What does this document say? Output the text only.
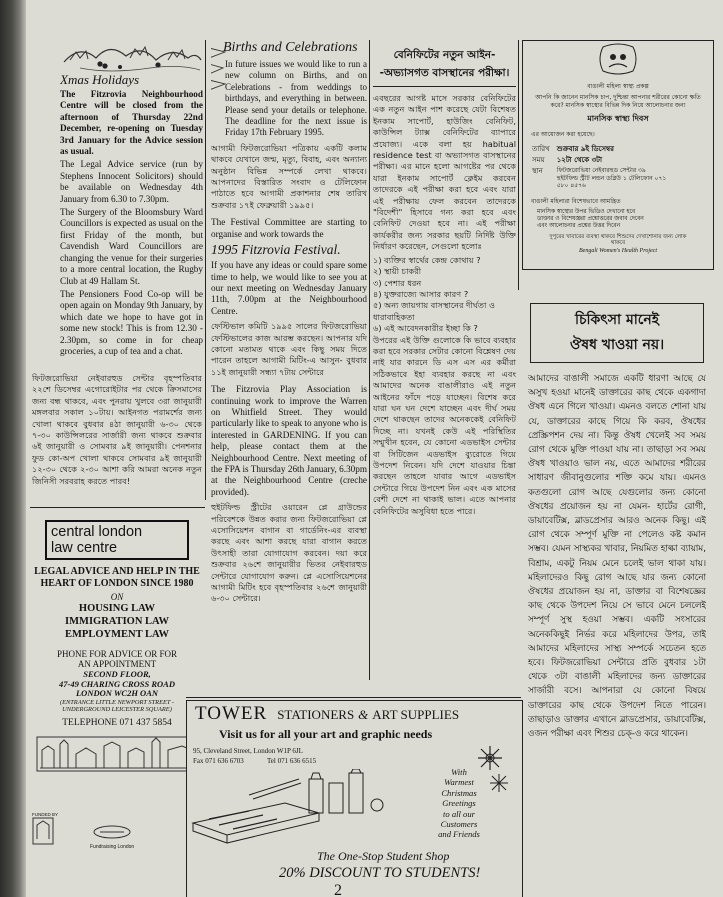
Xmas Holidays

The Fitzrovia Neighbourhood Centre will be closed from the afternoon of Thursday 22nd December, re-opening on Tuesday 3rd January for the Advice session as usual.

The Legal Advice service (run by Stephens Innocent Solicitors) should be available on Wednesday 4th January from 6.30 to 7.30pm.

The Surgery of the Bloomsbury Ward Councillors is expected as usual on the first Friday of the month, but Cavendish Ward Councillors are changing the venue for their surgeries to a more central location, the Rugby Club at 49 Hallam St.

The Pensioners Food Co-op will be open again on Monday 9th January, by which date we hope to have got in some new stock! This is from 12.30 - 2.30pm, so come in for cheap groceries, a cup of tea and a chat.

ফিটজরোভিয়া নেইবারহুড সেন্টার বৃহস্পতিবার ২২শে ডিসেম্বর এগোরোইটার পর থেকে ক্রিসমাসের জন্য বন্ধ থাকবে, এবং পুনরায় খুলবে ৩রা জানুয়ারী মঙ্গলবার সকাল ১০টায়। আইনগত পরামর্শের জন্য খোলা থাকবে বুধবার ৪ঠা জানুয়ারী ৬-৩০ থেকে ৭-৩০ কাউন্সিলরের সার্জারী জন্য থাকবে শুক্রবার ৬ই জানুয়ারী ও সোমবার ৯ই জানুয়ারী। পেনশনার ফুড কো-অপ খোলা থাকবে সোমবার ৯ই জানুয়ারী ১২-৩০ থেকে ২-৩০ আশা করি আমরা অনেক নতুন জিনিসী সরবরাহ করতে পারব!

central london
law centre
LEGAL ADVICE AND HELP IN THE HEART OF LONDON SINCE 1980
ON
HOUSING LAW
IMMIGRATION LAW
EMPLOYMENT LAW
PHONE FOR ADVICE OR FOR AN APPOINTMENT
SECOND FLOOR,
47-49 CHARING CROSS ROAD
LONDON WC2H OAN
(ENTRANCE LITTLE NEWPORT STREET - UNDERGROUND LEICESTER SQUARE)
TELEPHONE 071 437 5854
FUNDED BY
Fundraising London
Births and Celebrations

In future issues we would like to run a new column on Births, and on Celebrations - from weddings to birthdays, and everything in between. Please send your details or telephone. The deadline for the next issue is Friday 17th February 1995.

আগামী ফিটজরোভিয়া পত্রিকায় একটি কলাম থাকবে যেখানে জন্ম, মৃত্যু, বিবাহ, এবং অন্যান্য অনুষ্ঠান বিভিন্ন সম্পর্কে লেখা থাকবে। আপনাদের বিস্তারিত সংবাদ ও টেলিফোন পাঠাতে হবে আগামী প্রকাশনার শেষ তারিখ শুক্রবার ১৭ই ফেব্রুয়ারী ১৯৯৫।

The Festival Committee are starting to organise and work towards the

1995 Fitzrovia Festival.

If you have any ideas or could spare some time to help, we would like to see you at our next meeting on Wednesday January 11th, 7.00pm at the Neighbourhood Centre.

ফেস্টিভাল কমিটি ১৯৯৫ সালের ফিটজরোভিয়া ফেস্টিভালের কাজ আরম্ভ করছেন। আপনার যদি কোনো মতামত থাকে এবং কিছু সময় দিতে পারেন তাহলে আগামী মিটিং-এ আসুন- বুধবার ১১ই জানুয়ারী সন্ধ্যা ৭টায় সেন্টারে

The Fitzrovia Play Association is continuing work to improve the Warren on Whitfield Street. They would particularly like to speak to anyone who is interested in GARDENING. If you can help, please contact them at the Neighbourhood Centre. Next meeting of the FPA is Thursday 26th January, 6.30pm at the Neighbourhood Centre (creche provided).

হুইটফিল্ড স্ট্রীটের ওয়ারেন প্লে গ্রাউন্ডের পরিবেশকে উন্নত করার জন্য ফিটজরোভিয়া প্লে এসোসিয়েশন বাগান বা গার্ডেনিং-এর ব্যবস্থা করছে এবং আশা করছে যারা বাগান করতে উৎসাহী তারা যোগাযোগ করবেন। দয়া করে শুক্রবার ২৬শে জানুয়ারীর ভিতর নেইবারহুড সেন্টারে যোগাযোগ করুন। প্লে এসোসিয়েশনের আগামী মিটিং হবে বৃহস্পতিবার ২৬শে জানুয়ারী ৬-৩০ সেন্টারে।

বেনিফিটের নতুন আইন-
-অভ্যাসগত বাসস্থানের পরীক্ষা।

এবছরের আগষ্ট মাসে সরকার বেনিফিটের এক নতুন আইন পাশ করেছে যেটা বিশেষত ইনকাম সাপোর্ট, হাউজিং বেনিফিট, কাউন্সিল ট্যাক্স বেনিফিটের ব্যাপারে প্রযোজ্য। একে বলা হয় habitual residence test বা অভ্যাসগত বাসস্থানের পরীক্ষা। এর মানে হলো আগষ্টের পর থেকে যারা ইনকাম সাপোর্ট ক্লেইম করবেন তাদেরকে এই পরীক্ষা করা হবে এবং যারা এই পরীক্ষায় ফেল করবেন তাদেরকে "বিদেশী" হিসাবে গন্য করা হবে এবং বেনিফিট দেওয়া হবে না। এই পরীক্ষা কার্যকরীর জন্য সরকার ছয়টি নির্দিষ্ট উক্তি নির্ধারণ করেছেন, সেগুলো হলোঃ

১) ব্যক্তির স্বার্থের কেন্দ্র কোথায় ?

২) স্থায়ী চাকরী

৩) পেশার ধরন

৪) যুক্তরাজ্যে আসার কারণ ?

৫) অন্য জায়গায় বাসস্থানের দীর্ঘতা ও ধারাবাহিকতা

৬) এই আবেদনকারীর ইচ্ছা কি ?

উপরের এই উক্তি গুলোকে কি ভাবে ব্যবহার করা হবে সরকার সেটার কোনো বিশ্লেষণ দেয় নাই যার কারনে ডি এস এস এর কর্মীরা সঠিকভাবে ইহা ব্যবহার করছে না এবং আমাদের অনেক বাঙালীরাও এই নতুন আইনের ফাঁদে পড়ে যাচ্ছেন। বিশেষ করে যারা ঘন ঘন দেশে যাচ্ছেন এবং দীর্ঘ সময় দেশে থাকছেন তাদের অনেককেই বেনিফিট দিচ্ছে না। যখনই কেউ এই পরিস্থিতির সম্মুখীন হবেন, যে কোনো এডভাইস সেন্টার বা সিটিজেন এডভাইস ব্যুরোতে গিয়ে উপদেশ নিবেন। যদি দেশে যাওয়ার চিন্তা করছেন তাহলে যাবার আগে এডভাইস সেন্টারে গিয়ে উপদেশ নিন এবং এক মাসের বেশী দেশে না থাকাই ভাল। এতে আপনার বেনিফিটের অসুবিধা হতে পারে।

বাঙালী মহিলা স্বাস্থ্য প্রকল্প
আপনি কি জানেন মানসিক চাপ, দুশ্চিন্তা আপনার শরীরের কোনো ক্ষতি করে? মানসিক স্বাস্থ্যের বিভিন্ন দিক নিয়ে আলোচনার জন্য
মানসিক স্বাস্থ্য দিবস
এর আয়োজন করা হয়েছে।
তারিখ	শুক্রবার ৯ই ডিসেম্বর
সময়	১২টা থেকে ৩টা
স্থান	ফিটজরোভিয়া নেইবারহুড সেন্টার ৩৯ হুইটফিল্ড স্ট্রীট লন্ডন ডব্লিউ ১ টেলিফোন ০৭১ ৫৮০ ৪৫৭৬
বাঙালী মহিলারা বিশেষভাবে আমন্ত্রিত
মানসিক স্বাস্থ্যের উপর ভিডিও দেখানো হবে
ডাক্তার ও বিশেষজ্ঞরা প্রশ্নোত্তরের জবাব দেবেন
এবং আলোচনার প্রশ্নের উত্তর দিবেন
দুপুরের খাবারের ব্যবস্থা থাকবে শিশুদের দেখাশোনার জন্য লোক থাকবে
Bengali Women's Health Project
চিকিৎসা মানেই
ঔষধ খাওয়া নয়।

আমাদের বাঙালী সমাজে একটি ধারণা আছে যে অসুখ হওয়া মানেই ডাক্তারের কাছ থেকে একগাদা ঔষধ এনে গিলে খাওয়া। এমনও বলতে শোনা যায় যে, ডাক্তারের কাছে গিয়ে কি করব, ঔষধের প্রেস্ক্রিপশন দেয় না। কিন্তু ঔষধ খেলেই সব সময় রোগ থেকে মুক্তি পাওয়া যায় না। তাছাড়া সব সময় ঔষধ খাওয়াও ভাল নয়, এতে আমাদের শরীরের সাধারণ জীবানুগুলোর শক্তি কমে যায়। এমনও কতগুলো রোগ আছে যেগুলোর জন্য কোনো ঔষধের প্রয়োজন হয় না যেমন- হার্টের রোগী, ডায়াবেটিক্স, ব্লাডপ্রেসার আরও অনেক কিছু। এই রোগ থেকে সম্পূর্ণ মুক্তি না পেলেও কষ্ট কমান সম্ভব। যেমন সাস্থ্যকর খাবার, নিয়মিত হাল্কা ব্যায়াম, বিশ্রাম, একটু নিয়ম মেনে চলেই ভাল থাকা যায়। মহিলাদেরও কিছু রোগ আছে যার জন্য কোনো ঔষধের প্রয়োজন হয় না, ডাক্তার বা বিশেষজ্ঞের কাছ থেকে উপদেশ নিয়ে সে ভাবে মেনে চললেই সম্পূর্ণ সুস্থ হওয়া সম্ভব। একটি সংসারের অনেককিছুই নির্ভর করে মহিলাদের উপর, তাই আমাদের মহিলাদের সাস্থ্য সম্পর্কে সচেতন হতে হবে। ফিটজরোভিয়া সেন্টারে প্রতি বুধবার ১টা থেকে ৩টা বাঙালী মহিলাদের জন্য ডাক্তারের সার্জারী বসে। আপনারা যে কোনো বিষয়ে ডাক্তারের কাছ থেকে উপদেশ নিতে পারেন। তাছাড়াও ডাক্তার এখানে ব্লাডপ্রেসার, ডায়াবেটিক্স, ওজন পরীক্ষা এবং শিশুর চেক্-ও করে থাকেন।

TOWER STATIONERS & ART SUPPLIES
Visit us for all your art and graphic needs
95, Cleveland Street, London W1P 6JL
Fax 071 636 6703	Tel 071 636 6515
With
Warmest
Christmas
Greetings
to all our
Customers
and Friends
The One-Stop Student Shop
20% DISCOUNT TO STUDENTS!
2
